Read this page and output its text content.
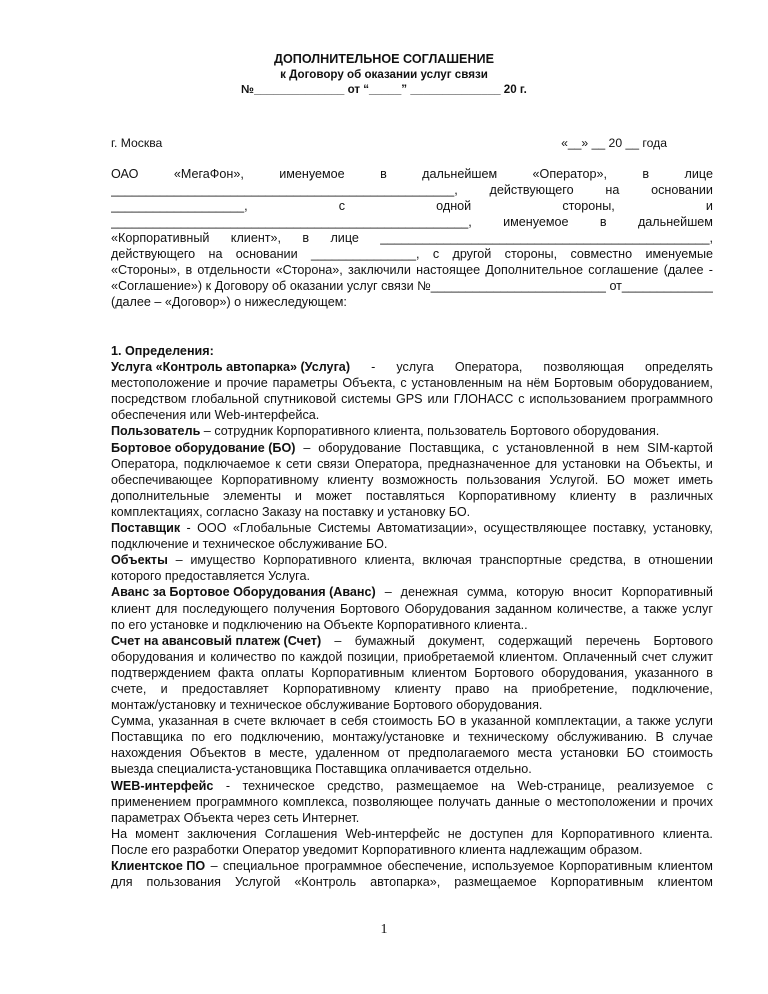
ДОПОЛНИТЕЛЬНОЕ СОГЛАШЕНИЕ
к Договору об оказании услуг связи
№______________ от “_____” ______________ 20 г.
г. Москва	«__» __ 20 __ года
ОАО	«МегаФон»,	именуемое	в	дальнейшем	«Оператор»,	в	лице
_________________________________________________,	действующего	на	основании
___________________,	с	одной	стороны,	и
___________________________________________________, именуемое в дальнейшем
«Корпоративный клиент», в лице _______________________________________________,
действующего на основании _______________, с другой стороны, совместно именуемые
«Стороны», в отдельности «Сторона», заключили настоящее Дополнительное соглашение (далее -
«Соглашение») к Договору об оказании услуг связи №_________________________ от_____________
(далее – «Договор») о нижеследующем:
1. Определения:
Услуга «Контроль автопарка» (Услуга) - услуга Оператора, позволяющая определять
местоположение и прочие параметры Объекта, с установленным на нём Бортовым оборудованием,
посредством глобальной спутниковой системы GPS или ГЛОНАСС с использованием программного
обеспечения или Web-интерфейса.
Пользователь – сотрудник Корпоративного клиента, пользователь Бортового оборудования.
Бортовое оборудование (БО) – оборудование Поставщика, с установленной в нем SIM-картой
Оператора, подключаемое к сети связи Оператора, предназначенное для установки на Объекты, и
обеспечивающее Корпоративному клиенту возможность пользования Услугой. БО может иметь
дополнительные элементы и может поставляться Корпоративному клиенту в различных
комплектациях, согласно Заказу на поставку и установку БО.
Поставщик - ООО «Глобальные Системы Автоматизации», осуществляющее поставку, установку,
подключение и техническое обслуживание БО.
Объекты – имущество Корпоративного клиента, включая транспортные средства, в отношении
которого предоставляется Услуга.
Аванс за Бортовое Оборудования (Аванс) – денежная сумма, которую вносит Корпоративный
клиент для последующего получения Бортового Оборудования заданном количестве, а также услуг
по его установке и подключению на Объекте Корпоративного клиента..
Счет на авансовый платеж (Счет) – бумажный документ, содержащий перечень Бортового
оборудования и количество по каждой позиции, приобретаемой клиентом. Оплаченный счет служит
подтверждением факта оплаты Корпоративным клиентом Бортового оборудования, указанного в
счете, и предоставляет Корпоративному клиенту право на приобретение, подключение,
монтаж/установку и техническое обслуживание Бортового оборудования.
Сумма, указанная в счете включает в себя стоимость БО в указанной комплектации, а также услуги
Поставщика по его подключению, монтажу/установке и техническому обслуживанию. В случае
нахождения Объектов в месте, удаленном от предполагаемого места установки БО стоимость
выезда специалиста-установщика Поставщика оплачивается отдельно.
WEB-интерфейс - техническое средство, размещаемое на Web-странице, реализуемое с
применением программного комплекса, позволяющее получать данные о местоположении и прочих
параметрах Объекта через сеть Интернет.
На момент заключения Соглашения Web-интерфейс не доступен для Корпоративного клиента.
После его разработки Оператор уведомит Корпоративного клиента надлежащим образом.
Клиентское ПО – специальное программное обеспечение, используемое Корпоративным клиентом
для пользования Услугой «Контроль автопарка», размещаемое Корпоративным клиентом
1
